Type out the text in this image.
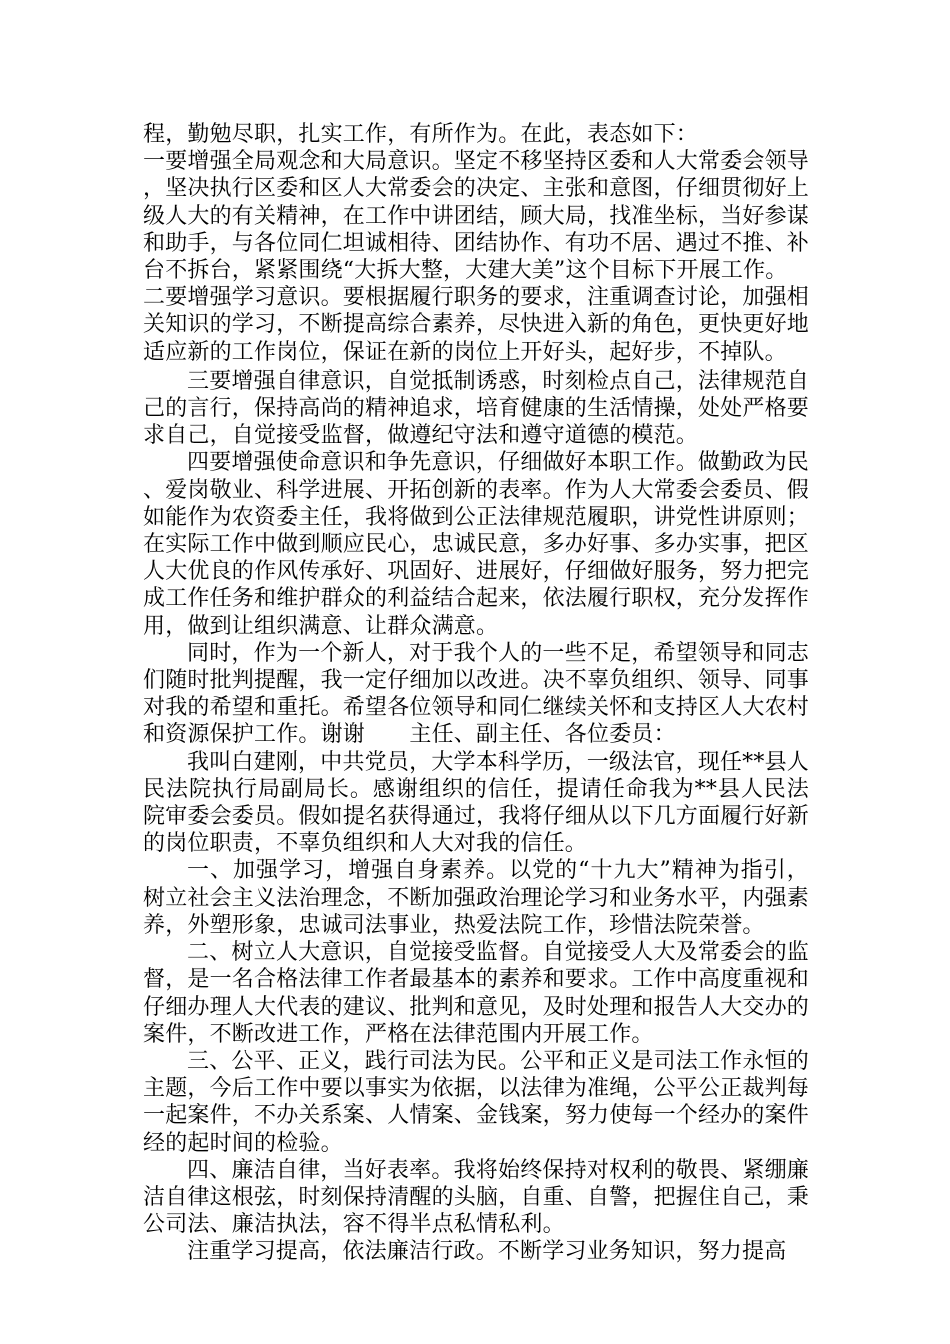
程，勤勉尽职，扎实工作，有所作为。在此，表态如下：

一要增强全局观念和大局意识。坚定不移坚持区委和人大常委会领导，坚决执行区委和区人大常委会的决定、主张和意图，仔细贯彻好上级人大的有关精神，在工作中讲团结，顾大局，找准坐标，当好参谋和助手，与各位同仁坦诚相待、团结协作、有功不居、遇过不推、补台不拆台，紧紧围绕“大拆大整，大建大美”这个目标下开展工作。

二要增强学习意识。要根据履行职务的要求，注重调查讨论，加强相关知识的学习，不断提高综合素养，尽快进入新的角色，更快更好地适应新的工作岗位，保证在新的岗位上开好头，起好步，不掉队。

三要增强自律意识，自觉抵制诱惑，时刻检点自己，法律规范自己的言行，保持高尚的精神追求，培育健康的生活情操，处处严格要求自己，自觉接受监督，做遵纪守法和遵守道德的模范。

四要增强使命意识和争先意识，仔细做好本职工作。做勤政为民、爱岗敬业、科学进展、开拓创新的表率。作为人大常委会委员、假如能作为农资委主任，我将做到公正法律规范履职，讲党性讲原则；在实际工作中做到顺应民心，忠诚民意，多办好事、多办实事，把区人大优良的作风传承好、巩固好、进展好，仔细做好服务，努力把完成工作任务和维护群众的利益结合起来，依法履行职权，充分发挥作用，做到让组织满意、让群众满意。

同时，作为一个新人，对于我个人的一些不足，希望领导和同志们随时批判提醒，我一定仔细加以改进。决不辜负组织、领导、同事对我的希望和重托。希望各位领导和同仁继续关怀和支持区人大农村和资源保护工作。谢谢　　主任、副主任、各位委员：

我叫白建刚，中共党员，大学本科学历，一级法官，现任**县人民法院执行局副局长。感谢组织的信任，提请任命我为**县人民法院审委会委员。假如提名获得通过，我将仔细从以下几方面履行好新的岗位职责，不辜负组织和人大对我的信任。

一、加强学习，增强自身素养。以党的“十九大”精神为指引，树立社会主义法治理念，不断加强政治理论学习和业务水平，内强素养，外塑形象，忠诚司法事业，热爱法院工作，珍惜法院荣誉。

二、树立人大意识，自觉接受监督。自觉接受人大及常委会的监督，是一名合格法律工作者最基本的素养和要求。工作中高度重视和仔细办理人大代表的建议、批判和意见，及时处理和报告人大交办的案件，不断改进工作，严格在法律范围内开展工作。

三、公平、正义，践行司法为民。公平和正义是司法工作永恒的主题，今后工作中要以事实为依据，以法律为准绳，公平公正裁判每一起案件，不办关系案、人情案、金钱案，努力使每一个经办的案件经的起时间的检验。

四、廉洁自律，当好表率。我将始终保持对权利的敬畏、紧绷廉洁自律这根弦，时刻保持清醒的头脑，自重、自警，把握住自己，秉公司法、廉洁执法，容不得半点私情私利。

注重学习提高，依法廉洁行政。不断学习业务知识，努力提高
